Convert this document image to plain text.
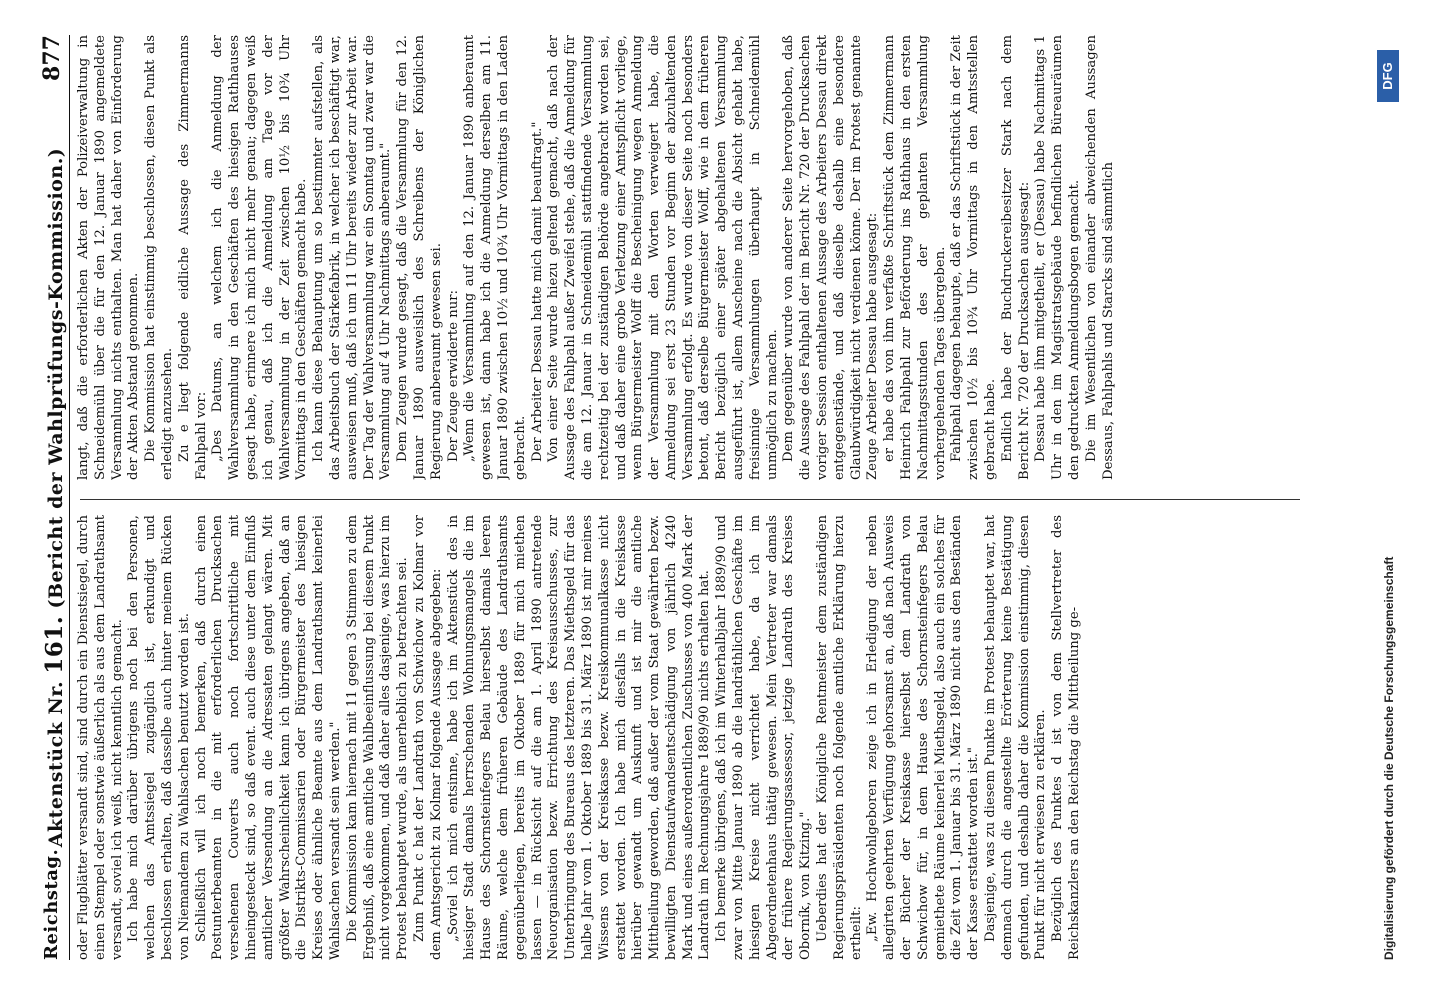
Reichstag.
Aktenstück Nr. 161. (Bericht der Wahlprüfungs-Kommission.)
877

oder Flugblätter versandt sind, sind durch ein Dienstsiegel, durch einen Stempel oder sonstwie äußerlich als aus dem Landrathsamt versandt, soviel ich weiß, nicht kenntlich gemacht. Ich habe mich darüber übrigens noch bei den Personen, welchen das Amtssiegel zugänglich ist, erkundigt und beschlossen erhalten, daß dasselbe auch hinter meinem Rücken von Niemandem zu Wahlsachen benutzt worden ist. Schließlich will ich noch bemerken, daß durch einen Postunterbeamten in die mit erforderlichen Drucksachen versehenen Couverts auch noch fortschrittliche mit hineingesteckt sind, so daß event. auch diese unter dem Einfluß amtlicher Versendung an die Adressaten gelangt wären. Mit größter Wahrscheinlichkeit kann ich übrigens angeben, daß an die Distrikts-Commissarien oder Bürgermeister des hiesigen Kreises oder ähnliche Beamte aus dem Landrathsamt keinerlei Wahlsachen versandt sein werden." Die Kommission kam hiernach mit 11 gegen 3 Stimmen zu dem Ergebniß, daß eine amtliche Wahlbeeinflussung bei diesem Punkt nicht vorgekommen, und daß daher alles dasjenige, was hierzu im Protest behauptet wurde, als unerheblich zu betrachten sei. Zum Punkt c hat der Landrath von Schwichow zu Kolmar vor dem Amtsgericht zu Kolmar folgende Aussage abgegeben: „Soviel ich mich entsinne, habe ich im Aktenstück des in hiesiger Stadt damals herrschenden Wohnungsmangels die im Hause des Schornsteinfegers Belau hierselbst damals leeren Räume, welche dem früheren Gebäude des Landrathsamts gegenüberliegen, bereits im Oktober 1889 für mich miethen lassen — in Rücksicht auf die am 1. April 1890 antretende Neuorganisation bezw. Errichtung des Kreisausschusses, zur Unterbringung des Bureaus des letzteren. Das Miethsgeld für das halbe Jahr vom 1. Oktober 1889 bis 31. März 1890 ist mir meines Wissens von der Kreiskasse bezw. Kreiskommunalkasse nicht erstattet worden. Ich habe mich diesfalls in die Kreiskasse hierüber gewandt um Auskunft und ist mir die amtliche Mittheilung geworden, daß außer der vom Staat gewährten bezw. bewilligten Dienstaufwandsentschädigung von jährlich 4240 Mark und eines außerordentlichen Zuschusses von 400 Mark der Landrath im Rechnungsjahre 1889/90 nichts erhalten hat. Ich bemerke übrigens, daß ich im Winterhalbjahr 1889/90 und zwar von Mitte Januar 1890 ab die landräthlichen Geschäfte im hiesigen Kreise nicht verrichtet habe, da ich im Abgeordnetenhaus thätig gewesen. Mein Vertreter war damals der frühere Regierungsassessor, jetzige Landrath des Kreises Oborník, von Kitzing." Ueberdies hat der Königliche Rentmeister dem zuständigen Regierungspräsidenten noch folgende amtliche Erklärung hierzu ertheilt: „Ew. Hochwohlgeboren zeige ich in Erledigung der neben allegirten geehrten Verfügung gehorsamst an, daß nach Ausweis der Bücher der Kreiskasse hierselbst dem Landrath von Schwichow für, in dem Hause des Schornsteinfegers Belau gemiethete Räume keinerlei Miethsgeld, also auch ein solches für die Zeit vom 1. Januar bis 31. März 1890 nicht aus den Beständen der Kasse erstattet worden ist." Dasjenige, was zu diesem Punkte im Protest behauptet war, hat demnach durch die angestellte Erörterung keine Bestätigung gefunden, und deshalb daher die Kommission einstimmig, diesen Punkt für nicht erwiesen zu erklären. Bezüglich des Punktes d ist von dem Stellvertreter des Reichskanzlers an den Reichstag die Mittheilung ge-

langt, daß die erforderlichen Akten der Polizeiverwaltung in Schneidemühl über die für den 12. Januar 1890 angemeldete Versammlung nichts enthalten. Man hat daher von Einforderung der Akten Abstand genommen. Die Kommission hat einstimmig beschlossen, diesen Punkt als erledigt anzusehen. Zu e liegt folgende eidliche Aussage des Zimmermanns Fahlpahl vor: „Des Datums, an welchem ich die Anmeldung der Wahlversammlung in den Geschäften des hiesigen Rathhauses gesagt habe, erinnere ich mich nicht mehr genau; dagegen weiß ich genau, daß ich die Anmeldung am Tage vor der Wahlversammlung in der Zeit zwischen 10½ bis 10¾ Uhr Vormittags in den Geschäften gemacht habe. Ich kann diese Behauptung um so bestimmter aufstellen, als das Arbeitsbuch der Stärkefabrik, in welcher ich beschäftigt war, ausweisen muß, daß ich um 11 Uhr bereits wieder zur Arbeit war. Der Tag der Wahlversammlung war ein Sonntag und zwar war die Versammlung auf 4 Uhr Nachmittags anberaumt." Dem Zeugen wurde gesagt, daß die Versammlung für den 12. Januar 1890 ausweislich des Schreibens der Königlichen Regierung anberaumt gewesen sei. Der Zeuge erwiderte nur: „Wenn die Versammlung auf den 12. Januar 1890 anberaumt gewesen ist, dann habe ich die Anmeldung derselben am 11. Januar 1890 zwischen 10½ und 10¾ Uhr Vormittags in den Laden gebracht. Der Arbeiter Dessau hatte mich damit beauftragt." Von einer Seite wurde hiezu geltend gemacht, daß nach der Aussage des Fahlpahl außer Zweifel stehe, daß die Anmeldung für die am 12. Januar in Schneidemühl stattfindende Versammlung rechtzeitig bei der zuständigen Behörde angebracht worden sei, und daß daher eine grobe Verletzung einer Amtspflicht vorliege, wenn Bürgermeister Wolff die Bescheinigung wegen Anmeldung der Versammlung mit den Worten verweigert habe, die Anmeldung sei erst 23 Stunden vor Beginn der abzuhaltenden Versammlung erfolgt. Es wurde von dieser Seite noch besonders betont, daß derselbe Bürgermeister Wolff, wie in dem früheren Bericht bezüglich einer später abgehaltenen Versammlung ausgeführt ist, allem Anscheine nach die Absicht gehabt habe, freisinnige Versammlungen überhaupt in Schneidemühl unmöglich zu machen. Dem gegenüber wurde von anderer Seite hervorgehoben, daß die Aussage des Fahlpahl der im Bericht Nr. 720 der Drucksachen voriger Session enthaltenen Aussage des Arbeiters Dessau direkt entgegenstände, und daß dieselbe deshalb eine besondere Glaubwürdigkeit nicht verdienen könne. Der im Protest genannte Zeuge Arbeiter Dessau habe ausgesagt: er habe das von ihm verfaßte Schriftstück dem Zimmermann Heinrich Fahlpahl zur Beförderung ins Rathhaus in den ersten Nachmittagsstunden des der geplanten Versammlung vorhergehenden Tages übergeben. Fahlpahl dagegen behaupte, daß er das Schriftstück in der Zeit zwischen 10½ bis 10¾ Uhr Vormittags in den Amtsstellen gebracht habe. Endlich habe der Buchdruckereibesitzer Stark nach dem Bericht Nr. 720 der Drucksachen ausgesagt: Dessau habe ihm mitgetheilt, er (Dessau) habe Nachmittags 1 Uhr in den im Magistratsgebäude befindlichen Büreauräumen den gedruckten Anmeldungsbogen gemacht. Die im Wesentlichen von einander abweichenden Aussagen Dessaus, Fahlpahls und Starcks sind sämmtlich

Digitalisierung gefördert durch die Deutsche Forschungsgemeinschaft
DFG
